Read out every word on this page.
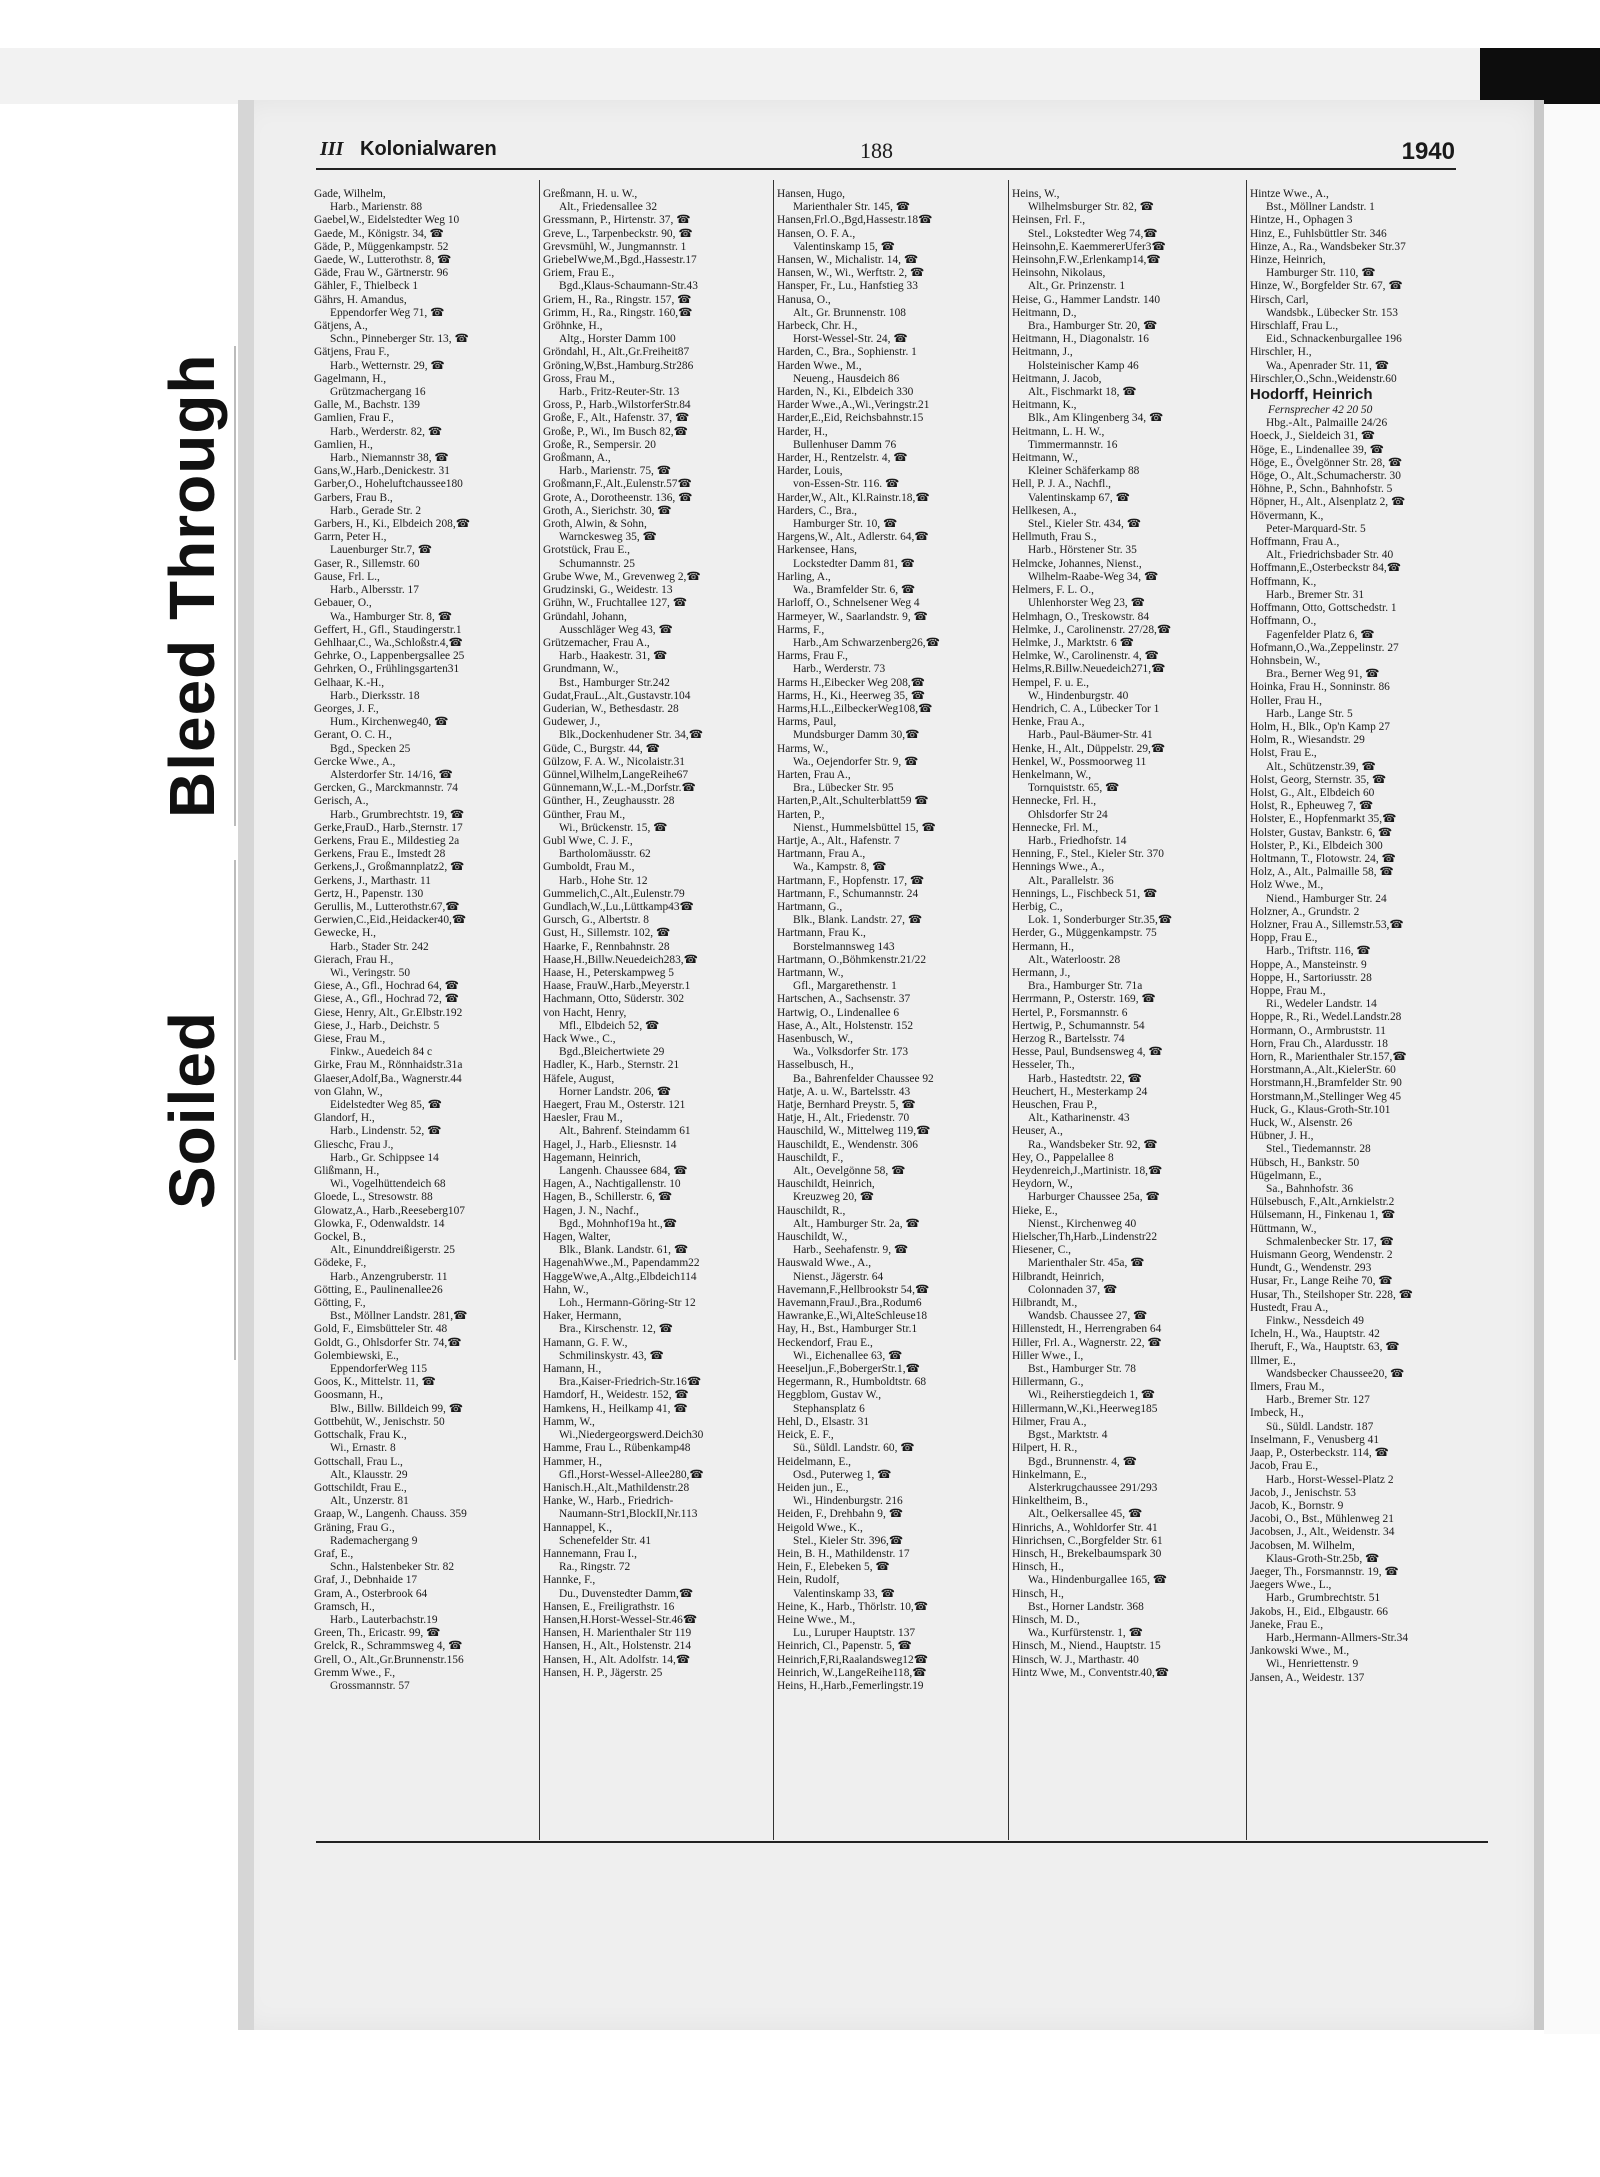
Bleed Through
Soiled
III Kolonialwaren	188	1940
Gade, Wilhelm,
Harb., Marienstr. 88
Gaebel,W., Eidelstedter Weg 10
Gaede, M., Königstr. 34, ☎
Gäde, P., Müggenkampstr. 52
Gaede, W., Lutterothstr. 8, ☎
Gäde, Frau W., Gärtnerstr. 96
Gähler, F., Thielbeck 1
Gährs, H. Amandus,
Eppendorfer Weg 71, ☎
Gätjens, A.,
Schn., Pinneberger Str. 13, ☎
Gätjens, Frau F.,
Harb., Wetternstr. 29, ☎
Gagelmann, H.,
Grützmachergang 16
Galle, M., Bachstr. 139
Gamlien, Frau F.,
Harb., Werderstr. 82, ☎
Gamlien, H.,
Harb., Niemannstr 38, ☎
Gans,W.,Harb.,Denickestr. 31
Garber,O., Hoheluftchaussee180
Garbers, Frau B.,
Harb., Gerade Str. 2
Garbers, H., Ki., Elbdeich 208,☎
Garrn, Peter H.,
Lauenburger Str.7, ☎
Gaser, R., Sillemstr. 60
Gause, Frl. L.,
Harb., Albersstr. 17
Gebauer, O.,
Wa., Hamburger Str. 8, ☎
Geffert, H., Gfl., Staudingerstr.1
Gehlhaar,C., Wa.,Schloßstr.4,☎
Gehrke, O., Lappenbergsallee 25
Gehrken, O., Frühlingsgarten31
Gelhaar, K.-H.,
Harb., Dierksstr. 18
Georges, J. F.,
Hum., Kirchenweg40, ☎
Gerant, O. C. H.,
Bgd., Specken 25
Gercke Wwe., A.,
Alsterdorfer Str. 14/16, ☎
Gercken, G., Marckmannstr. 74
Gerisch, A.,
Harb., Grumbrechtstr. 19, ☎
Gerke,FrauD., Harb.,Sternstr. 17
Gerkens, Frau E., Mildestieg 2a
Gerkens, Frau E., Imstedt 28
Gerkens,J., Großmannplatz2, ☎
Gerkens, J., Marthastr. 11
Gertz, H., Papenstr. 130
Gerullis, M., Lutterothstr.67,☎
Gerwien,C.,Eid.,Heidacker40,☎
Gewecke, H.,
Harb., Stader Str. 242
Gierach, Frau H.,
Wi., Veringstr. 50
Giese, A., Gfl., Hochrad 64, ☎
Giese, A., Gfl., Hochrad 72, ☎
Giese, Henry, Alt., Gr.Elbstr.192
Giese, J., Harb., Deichstr. 5
Giese, Frau M.,
Finkw., Auedeich 84 c
Girke, Frau M., Rönnhaidstr.31a
Glaeser,Adolf,Ba., Wagnerstr.44
von Glahn, W.,
Eidelstedter Weg 85, ☎
Glandorf, H.,
Harb., Lindenstr. 52, ☎
Glieschc, Frau J.,
Harb., Gr. Schippsee 14
Glißmann, H.,
Wi., Vogelhüttendeich 68
Gloede, L., Stresowstr. 88
Glowatz,A., Harb.,Reeseberg107
Glowka, F., Odenwaldstr. 14
Gockel, B.,
Alt., Einunddreißigerstr. 25
Gödeke, F.,
Harb., Anzengruberstr. 11
Götting, E., Paulinenallee26
Götting, F.,
Bst., Möllner Landstr. 281,☎
Gold, F., Eimsbütteler Str. 48
Goldt, G., Ohlsdorfer Str. 74,☎
Golembiewski, E.,
EppendorferWeg 115
Goos, K., Mittelstr. 11, ☎
Goosmann, H.,
Blw., Billw. Billdeich 99, ☎
Gottbehüt, W., Jenischstr. 50
Gottschalk, Frau K.,
Wi., Ernastr. 8
Gottschall, Frau L.,
Alt., Klausstr. 29
Gottschildt, Frau E.,
Alt., Unzerstr. 81
Graap, W., Langenh. Chauss. 359
Gräning, Frau G.,
Rademachergang 9
Graf, E.,
Schn., Halstenbeker Str. 82
Graf, J., Debnhaide 17
Gram, A., Osterbrook 64
Gramsch, H.,
Harb., Lauterbachstr.19
Green, Th., Ericastr. 99, ☎
Grelck, R., Schrammsweg 4, ☎
Grell, O., Alt.,Gr.Brunnenstr.156
Gremm Wwe., F.,
Grossmannstr. 57
Greßmann, H. u. W.,
Alt., Friedensallee 32
Gressmann, P., Hirtenstr. 37, ☎
Greve, L., Tarpenbeckstr. 90, ☎
Grevsmühl, W., Jungmannstr. 1
GriebelWwe,M.,Bgd.,Hassestr.17
Griem, Frau E.,
Bgd.,Klaus-Schaumann-Str.43
Griem, H., Ra., Ringstr. 157, ☎
Grimm, H., Ra., Ringstr. 160,☎
Gröhnke, H.,
Altg., Horster Damm 100
Gröndahl, H., Alt.,Gr.Freiheit87
Gröning,W,Bst.,Hamburg.Str286
Gross, Frau M.,
Harb., Fritz-Reuter-Str. 13
Gross, P., Harb.,WilstorferStr.84
Große, F., Alt., Hafenstr. 37, ☎
Große, P., Wi., Im Busch 82,☎
Große, R., Sempersir. 20
Großmann, A.,
Harb., Marienstr. 75, ☎
Großmann,F.,Alt.,Eulenstr.57☎
Grote, A., Dorotheenstr. 136, ☎
Groth, A., Sierichstr. 30, ☎
Groth, Alwin, & Sohn,
Warnckesweg 35, ☎
Grotstück, Frau E.,
Schumannstr. 25
Grube Wwe, M., Grevenweg 2,☎
Grudzinski, G., Weidestr. 13
Grühn, W., Fruchtallee 127, ☎
Gründahl, Johann,
Ausschläger Weg 43, ☎
Grützemacher, Frau A.,
Harb., Haakestr. 31, ☎
Grundmann, W.,
Bst., Hamburger Str.242
Gudat,FrauL.,Alt.,Gustavstr.104
Guderian, W., Bethesdastr. 28
Gudewer, J.,
Blk.,Dockenhudener Str. 34,☎
Güde, C., Burgstr. 44, ☎
Gülzow, F. A. W., Nicolaistr.31
Günnel,Wilhelm,LangeReihe67
Günnemann,W.,L.-M.,Dorfstr.☎
Günther, H., Zeughausstr. 28
Günther, Frau M.,
Wi., Brückenstr. 15, ☎
Gubl Wwe, C. J. F.,
Bartholomäusstr. 62
Gumboldt, Frau M.,
Harb., Hohe Str. 12
Gummelich,C.,Alt.,Eulenstr.79
Gundlach,W.,Lu.,Lüttkamp43☎
Gursch, G., Albertstr. 8
Gust, H., Sillemstr. 102, ☎
Haarke, F., Rennbahnstr. 28
Haase,H.,Billw.Neuedeich283,☎
Haase, H., Peterskampweg 5
Haase, FrauW.,Harb.,Meyerstr.1
Hachmann, Otto, Süderstr. 302
von Hacht, Henry,
Mfl., Elbdeich 52, ☎
Hack Wwe., C.,
Bgd.,Bleichertwiete 29
Hadler, K., Harb., Sternstr. 21
Häfele, August,
Horner Landstr. 206, ☎
Haegert, Frau M., Osterstr. 121
Haesler, Frau M.,
Alt., Bahrenf. Steindamm 61
Hagel, J., Harb., Eliesnstr. 14
Hagemann, Heinrich,
Langenh. Chaussee 684, ☎
Hagen, A., Nachtigallenstr. 10
Hagen, B., Schillerstr. 6, ☎
Hagen, J. N., Nachf.,
Bgd., Mohnhof19a ht.,☎
Hagen, Walter,
Blk., Blank. Landstr. 61, ☎
HagenahWwe.,M., Papendamm22
HaggeWwe,A.,Altg.,Elbdeich114
Hahn, W.,
Loh., Hermann-Göring-Str 12
Haker, Hermann,
Bra., Kirschenstr. 12, ☎
Hamann, G. F. W.,
Schmilinskystr. 43, ☎
Hamann, H.,
Bra.,Kaiser-Friedrich-Str.16☎
Hamdorf, H., Weidestr. 152, ☎
Hamkens, H., Heilkamp 41, ☎
Hamm, W.,
Wi.,Niedergeorgswerd.Deich30
Hamme, Frau L., Rübenkamp48
Hammer, H.,
Gfl.,Horst-Wessel-Allee280,☎
Hanisch.H.,Alt.,Mathildenstr.28
Hanke, W., Harb., Friedrich-
Naumann-Str1,BlockII,Nr.113
Hannappel, K.,
Schenefelder Str. 41
Hannemann, Frau I.,
Ra., Ringstr. 72
Hannke, F.,
Du., Duvenstedter Damm,☎
Hansen, E., Freiligrathstr. 16
Hansen,H.Horst-Wessel-Str.46☎
Hansen, H. Marienthaler Str 119
Hansen, H., Alt., Holstenstr. 214
Hansen, H., Alt. Adolfstr. 14,☎
Hansen, H. P., Jägerstr. 25
Hansen, Hugo,
Marienthaler Str. 145, ☎
Hansen,Frl.O.,Bgd,Hassestr.18☎
Hansen, O. F. A.,
Valentinskamp 15, ☎
Hansen, W., Michalistr. 14, ☎
Hansen, W., Wi., Werftstr. 2, ☎
Hansper, Fr., Lu., Hanfstieg 33
Hanusa, O.,
Alt., Gr. Brunnenstr. 108
Harbeck, Chr. H.,
Horst-Wessel-Str. 24, ☎
Harden, C., Bra., Sophienstr. 1
Harden Wwe., M.,
Neueng., Hausdeich 86
Harden, N., Ki., Elbdeich 330
Harder Wwe.,A.,Wi.,Veringstr.21
Harder,E.,Eid, Reichsbahnstr.15
Harder, H.,
Bullenhuser Damm 76
Harder, H., Rentzelstr. 4, ☎
Harder, Louis,
von-Essen-Str. 116. ☎
Harder,W., Alt., Kl.Rainstr.18,☎
Harders, C., Bra.,
Hamburger Str. 10, ☎
Hargens,W., Alt., Adlerstr. 64,☎
Harkensee, Hans,
Lockstedter Damm 81, ☎
Harling, A.,
Wa., Bramfelder Str. 6, ☎
Harloff, O., Schnelsener Weg 4
Harmeyer, W., Saarlandstr. 9, ☎
Harms, F.,
Harb.,Am Schwarzenberg26,☎
Harms, Frau F.,
Harb., Werderstr. 73
Harms H.,Eibecker Weg 208,☎
Harms, H., Ki., Heerweg 35, ☎
Harms,H.L.,EilbeckerWeg108,☎
Harms, Paul,
Mundsburger Damm 30,☎
Harms, W.,
Wa., Oejendorfer Str. 9, ☎
Harten, Frau A.,
Bra., Lübecker Str. 95
Harten,P.,Alt.,Schulterblatt59 ☎
Harten, P.,
Nienst., Hummelsbüttel 15, ☎
Hartje, A., Alt., Hafenstr. 7
Hartmann, Frau A.,
Wa., Kampstr. 8, ☎
Hartmann, F., Hopfenstr. 17, ☎
Hartmann, F., Schumannstr. 24
Hartmann, G.,
Blk., Blank. Landstr. 27, ☎
Hartmann, Frau K.,
Borstelmannsweg 143
Hartmann, O.,Böhmkenstr.21/22
Hartmann, W.,
Gfl., Margarethenstr. 1
Hartschen, A., Sachsenstr. 37
Hartwig, O., Lindenallee 6
Hase, A., Alt., Holstenstr. 152
Hasenbusch, W.,
Wa., Volksdorfer Str. 173
Hasselbusch, H.,
Ba., Bahrenfelder Chaussee 92
Hatje, A. u. W., Bartelsstr. 43
Hatje, Bernhard Preystr. 5, ☎
Hatje, H., Alt., Friedenstr. 70
Hauschild, W., Mittelweg 119,☎
Hauschildt, E., Wendenstr. 306
Hauschildt, F.,
Alt., Oevelgönne 58, ☎
Hauschildt, Heinrich,
Kreuzweg 20, ☎
Hauschildt, R.,
Alt., Hamburger Str. 2a, ☎
Hauschildt, W.,
Harb., Seehafenstr. 9, ☎
Hauswald Wwe., A.,
Nienst., Jägerstr. 64
Havemann,F.,Hellbrookstr 54,☎
Havemann,FrauJ.,Bra.,Rodum6
Hawranke,E.,Wi,AlteSchleuse18
Hay, H., Bst., Hamburger Str.1
Heckendorf, Frau E.,
Wi., Eichenallee 63, ☎
Heeseljun.,F.,BobergerStr.1,☎
Hegermann, R., Humboldtstr. 68
Heggblom, Gustav W.,
Stephansplatz 6
Hehl, D., Elsastr. 31
Heick, E. F.,
Sü., Süldl. Landstr. 60, ☎
Heidelmann, E.,
Osd., Puterweg 1, ☎
Heiden jun., E.,
Wi., Hindenburgstr. 216
Heiden, F., Drehbahn 9, ☎
Heigold Wwe., K.,
Stel., Kieler Str. 396,☎
Hein, B. H., Mathildenstr. 17
Hein, F., Elebeken 5, ☎
Hein, Rudolf,
Valentinskamp 33, ☎
Heine, K., Harb., Thörlstr. 10,☎
Heine Wwe., M.,
Lu., Luruper Hauptstr. 137
Heinrich, Cl., Papenstr. 5, ☎
Heinrich,F,Ri,Raalandsweg12☎
Heinrich, W.,LangeReihe118,☎
Heins, H.,Harb.,Femerlingstr.19
Heins, W.,
Wilhelmsburger Str. 82, ☎
Heinsen, Frl. F.,
Stel., Lokstedter Weg 74,☎
Heinsohn,E. KaemmererUfer3☎
Heinsohn,F.W.,Erlenkamp14,☎
Heinsohn, Nikolaus,
Alt., Gr. Prinzenstr. 1
Heise, G., Hammer Landstr. 140
Heitmann, D.,
Bra., Hamburger Str. 20, ☎
Heitmann, H., Diagonalstr. 16
Heitmann, J.,
Holsteinischer Kamp 46
Heitmann, J. Jacob,
Alt., Fischmarkt 18, ☎
Heitmann, K.,
Blk., Am Klingenberg 34, ☎
Heitmann, L. H. W.,
Timmermannstr. 16
Heitmann, W.,
Kleiner Schäferkamp 88
Hell, P. J. A., Nachfl.,
Valentinskamp 67, ☎
Hellkesen, A.,
Stel., Kieler Str. 434, ☎
Hellmuth, Frau S.,
Harb., Hörstener Str. 35
Helmcke, Johannes, Nienst.,
Wilhelm-Raabe-Weg 34, ☎
Helmers, F. L. O.,
Uhlenhorster Weg 23, ☎
Helmhagn, O., Treskowstr. 84
Helmke, J., Carolinenstr. 27/28,☎
Helmke, J., Marktstr. 6 ☎
Helmke, W., Carolinenstr. 4, ☎
Helms,R.Billw.Neuedeich271,☎
Hempel, F. u. E.,
W., Hindenburgstr. 40
Hendrich, C. A., Lübecker Tor 1
Henke, Frau A.,
Harb., Paul-Bäumer-Str. 41
Henke, H., Alt., Düppelstr. 29,☎
Henkel, W., Possmoorweg 11
Henkelmann, W.,
Tornquiststr. 65, ☎
Hennecke, Frl. H.,
Ohlsdorfer Str 24
Hennecke, Frl. M.,
Harb., Friedhofstr. 14
Henning, F., Stel., Kieler Str. 370
Hennings Wwe., A.,
Alt., Parallelstr. 36
Hennings, L., Fischbeck 51, ☎
Herbig, C.,
Lok. 1, Sonderburger Str.35,☎
Herder, G., Müggenkampstr. 75
Hermann, H.,
Alt., Waterloostr. 28
Hermann, J.,
Bra., Hamburger Str. 71a
Herrmann, P., Osterstr. 169, ☎
Hertel, P., Forsmannstr. 6
Hertwig, P., Schumannstr. 54
Herzog R., Bartelsstr. 74
Hesse, Paul, Bundsensweg 4, ☎
Hesseler, Th.,
Harb., Hastedtstr. 22, ☎
Heuchert, H., Mesterkamp 24
Heuschen, Frau P.,
Alt., Katharinenstr. 43
Heuser, A.,
Ra., Wandsbeker Str. 92, ☎
Hey, O., Pappelallee 8
Heydenreich,J.,Martinistr. 18,☎
Heydorn, W.,
Harburger Chaussee 25a, ☎
Hieke, E.,
Nienst., Kirchenweg 40
Hielscher,Th,Harb.,Lindenstr22
Hiesener, C.,
Marienthaler Str. 45a, ☎
Hilbrandt, Heinrich,
Colonnaden 37, ☎
Hilbrandt, M.,
Wandsb. Chaussee 27, ☎
Hillenstedt, H., Herrengraben 64
Hiller, Frl. A., Wagnerstr. 22, ☎
Hiller Wwe., I.,
Bst., Hamburger Str. 78
Hillermann, G.,
Wi., Reiherstiegdeich 1, ☎
Hillermann,W.,Ki.,Heerweg185
Hilmer, Frau A.,
Bgst., Marktstr. 4
Hilpert, H. R.,
Bgd., Brunnenstr. 4, ☎
Hinkelmann, E.,
Alsterkrugchaussee 291/293
Hinkeltheim, B.,
Alt., Oelkersallee 45, ☎
Hinrichs, A., Wohldorfer Str. 41
Hinrichsen, C.,Borgfelder Str. 61
Hinsch, H., Brekelbaumspark 30
Hinsch, H.,
Wa., Hindenburgallee 165, ☎
Hinsch, H.,
Bst., Horner Landstr. 368
Hinsch, M. D.,
Wa., Kurfürstenstr. 1, ☎
Hinsch, M., Niend., Hauptstr. 15
Hinsch, W. J., Marthastr. 40
Hintz Wwe, M., Conventstr.40,☎
Hintze Wwe., A.,
Bst., Möllner Landstr. 1
Hintze, H., Ophagen 3
Hinz, E., Fuhlsbüttler Str. 346
Hinze, A., Ra., Wandsbeker Str.37
Hinze, Heinrich,
Hamburger Str. 110, ☎
Hinze, W., Borgfelder Str. 67, ☎
Hirsch, Carl,
Wandsbk., Lübecker Str. 153
Hirschlaff, Frau L.,
Eid., Schnackenburgallee 196
Hirschler, H.,
Wa., Apenrader Str. 11, ☎
Hirschler,O.,Schn.,Weidenstr.60
Hodorff, Heinrich
Fernsprecher 42 20 50
Hbg.-Alt., Palmaille 24/26
Hoeck, J., Sieldeich 31, ☎
Höge, E., Lindenallee 39, ☎
Höge, E., Övelgönner Str. 28, ☎
Höge, O., Alt.,Schumacherstr. 30
Höhne, P., Schn., Bahnhofstr. 5
Höpner, H., Alt., Alsenplatz 2, ☎
Hövermann, K.,
Peter-Marquard-Str. 5
Hoffmann, Frau A.,
Alt., Friedrichsbader Str. 40
Hoffmann,E.,Osterbeckstr 84,☎
Hoffmann, K.,
Harb., Bremer Str. 31
Hoffmann, Otto, Gottschedstr. 1
Hoffmann, O.,
Fagenfelder Platz 6, ☎
Hofmann,O.,Wa.,Zeppelinstr. 27
Hohnsbein, W.,
Bra., Berner Weg 91, ☎
Hoinka, Frau H., Sonninstr. 86
Holler, Frau H.,
Harb., Lange Str. 5
Holm, H., Blk., Op'n Kamp 27
Holm, R., Wiesandstr. 29
Holst, Frau E.,
Alt., Schützenstr.39, ☎
Holst, Georg, Sternstr. 35, ☎
Holst, G., Alt., Elbdeich 60
Holst, R., Epheuweg 7, ☎
Holster, E., Hopfenmarkt 35,☎
Holster, Gustav, Bankstr. 6, ☎
Holster, P., Ki., Elbdeich 300
Holtmann, T., Flotowstr. 24, ☎
Holz, A., Alt., Palmaille 58, ☎
Holz Wwe., M.,
Niend., Hamburger Str. 24
Holzner, A., Grundstr. 2
Holzner, Frau A., Sillemstr.53,☎
Hopp, Frau E.,
Harb., Triftstr. 116, ☎
Hoppe, A., Mansteinstr. 9
Hoppe, H., Sartoriusstr. 28
Hoppe, Frau M.,
Ri., Wedeler Landstr. 14
Hoppe, R., Ri., Wedel.Landstr.28
Hormann, O., Armbruststr. 11
Horn, Frau Ch., Alardusstr. 18
Horn, R., Marienthaler Str.157,☎
Horstmann,A.,Alt.,KielerStr. 60
Horstmann,H.,Bramfelder Str. 90
Horstmann,M.,Stellinger Weg 45
Huck, G., Klaus-Groth-Str.101
Huck, W., Alsenstr. 26
Hübner, J. H.,
Stel., Tiedemannstr. 28
Hübsch, H., Bankstr. 50
Hügelmann, E.,
Sa., Bahnhofstr. 36
Hülsebusch, F.,Alt.,Arnkielstr.2
Hülsemann, H., Finkenau 1, ☎
Hüttmann, W.,
Schmalenbecker Str. 17, ☎
Huismann Georg, Wendenstr. 2
Hundt, G., Wendenstr. 293
Husar, Fr., Lange Reihe 70, ☎
Husar, Th., Steilshoper Str. 228, ☎
Hustedt, Frau A.,
Finkw., Nessdeich 49
Icheln, H., Wa., Hauptstr. 42
Iheruft, F., Wa., Hauptstr. 63, ☎
Illmer, E.,
Wandsbecker Chaussee20, ☎
Ilmers, Frau M.,
Harb., Bremer Str. 127
Imbeck, H.,
Sü., Süldl. Landstr. 187
Inselmann, F., Venusberg 41
Jaap, P., Osterbeckstr. 114, ☎
Jacob, Frau E.,
Harb., Horst-Wessel-Platz 2
Jacob, J., Jenischstr. 53
Jacob, K., Bornstr. 9
Jacobi, O., Bst., Mühlenweg 21
Jacobsen, J., Alt., Weidenstr. 34
Jacobsen, M. Wilhelm,
Klaus-Groth-Str.25b, ☎
Jaeger, Th., Forsmannstr. 19, ☎
Jaegers Wwe., L.,
Harb., Grumbrechtstr. 51
Jakobs, H., Eid., Elbgaustr. 66
Janeke, Frau E.,
Harb.,Hermann-Allmers-Str.34
Jankowski Wwe., M.,
Wi., Henriettenstr. 9
Jansen, A., Weidestr. 137
